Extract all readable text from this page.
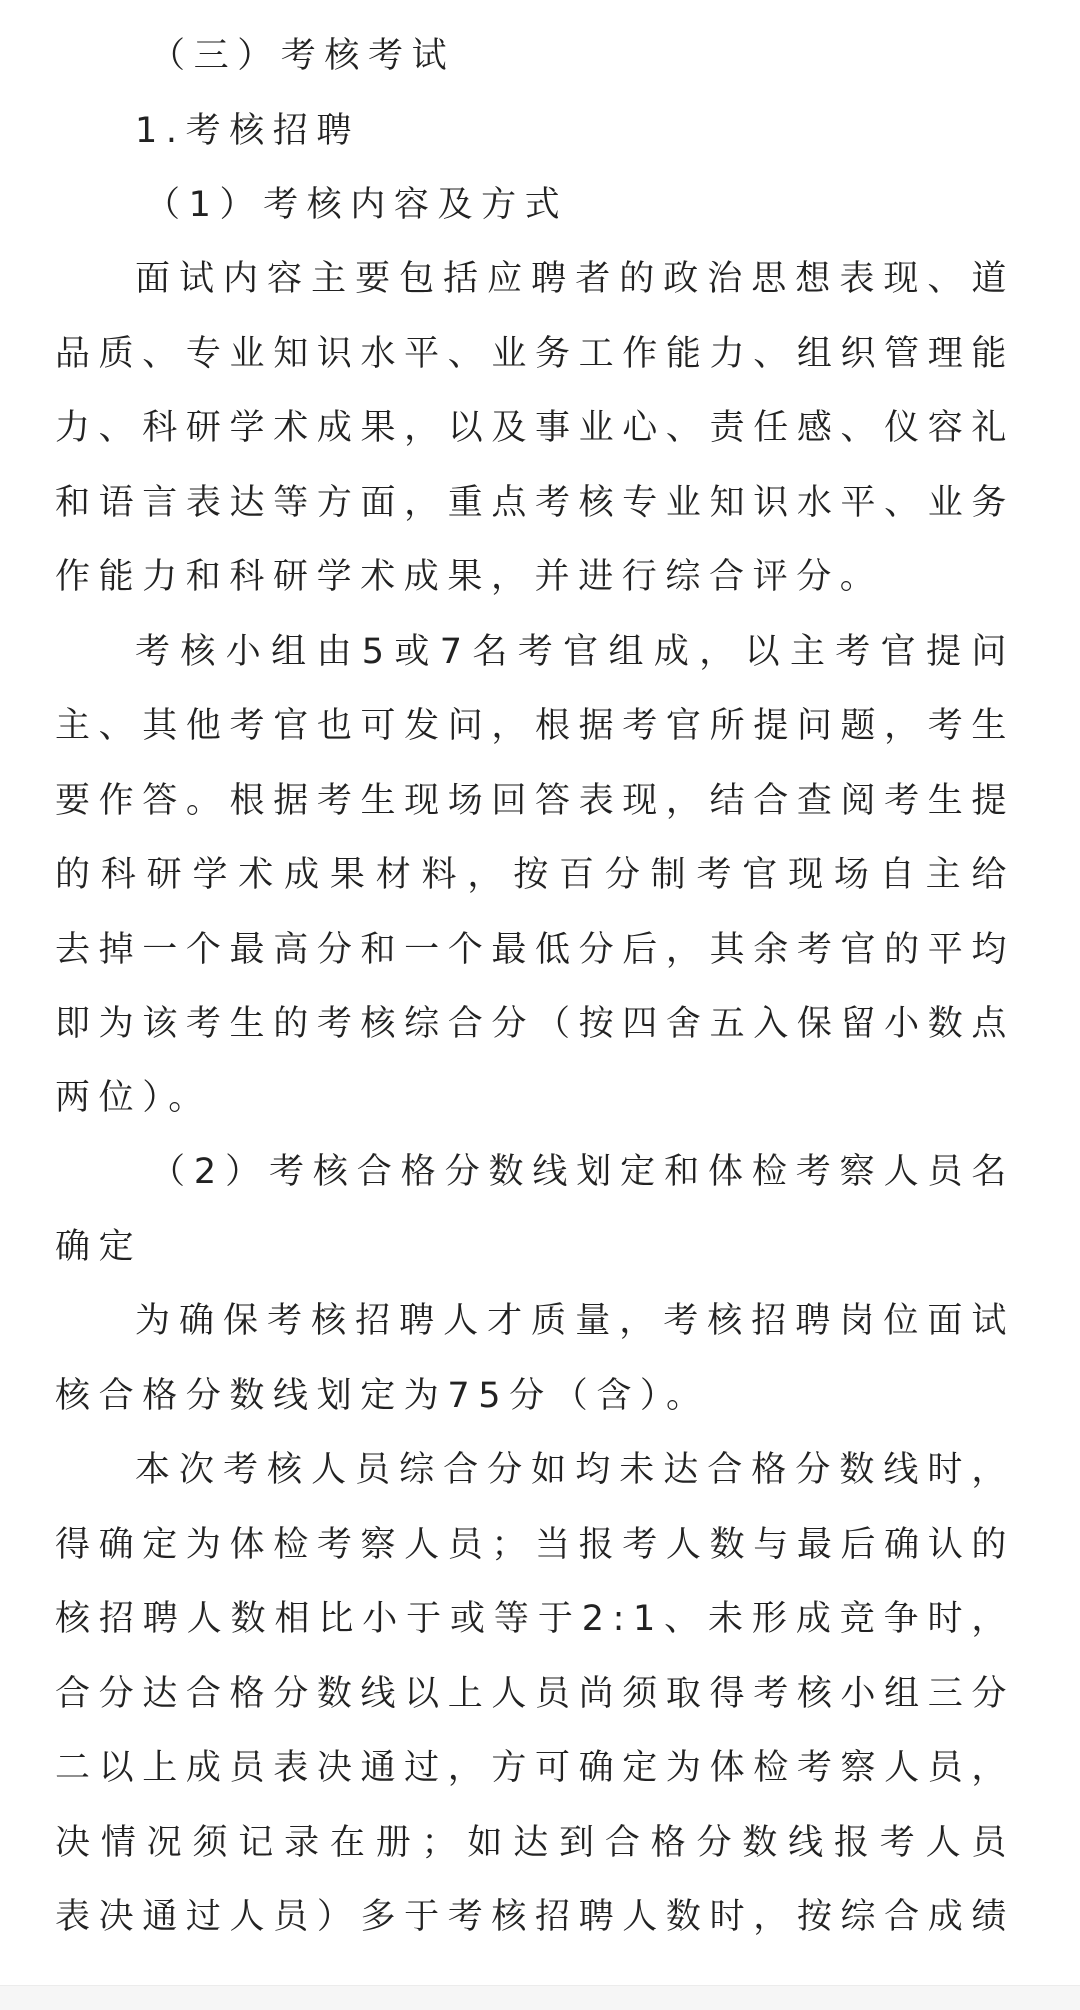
（三）考核考试
1.考核招聘
（1）考核内容及方式
面试内容主要包括应聘者的政治思想表现、道
品质、专业知识水平、业务工作能力、组织管理能
力、科研学术成果，以及事业心、责任感、仪容礼
和语言表达等方面，重点考核专业知识水平、业务
作能力和科研学术成果，并进行综合评分。
考核小组由5或7名考官组成，以主考官提问
主、其他考官也可发问，根据考官所提问题，考生
要作答。根据考生现场回答表现，结合查阅考生提
的科研学术成果材料，按百分制考官现场自主给
去掉一个最高分和一个最低分后，其余考官的平均
即为该考生的考核综合分（按四舍五入保留小数点
两位）。
（2）考核合格分数线划定和体检考察人员名
确定
为确保考核招聘人才质量，考核招聘岗位面试
核合格分数线划定为75分（含）。
本次考核人员综合分如均未达合格分数线时，
得确定为体检考察人员；当报考人数与最后确认的
核招聘人数相比小于或等于2:1、未形成竞争时，
合分达合格分数线以上人员尚须取得考核小组三分
二以上成员表决通过，方可确定为体检考察人员，
决情况须记录在册；如达到合格分数线报考人员
表决通过人员）多于考核招聘人数时，按综合成绩
